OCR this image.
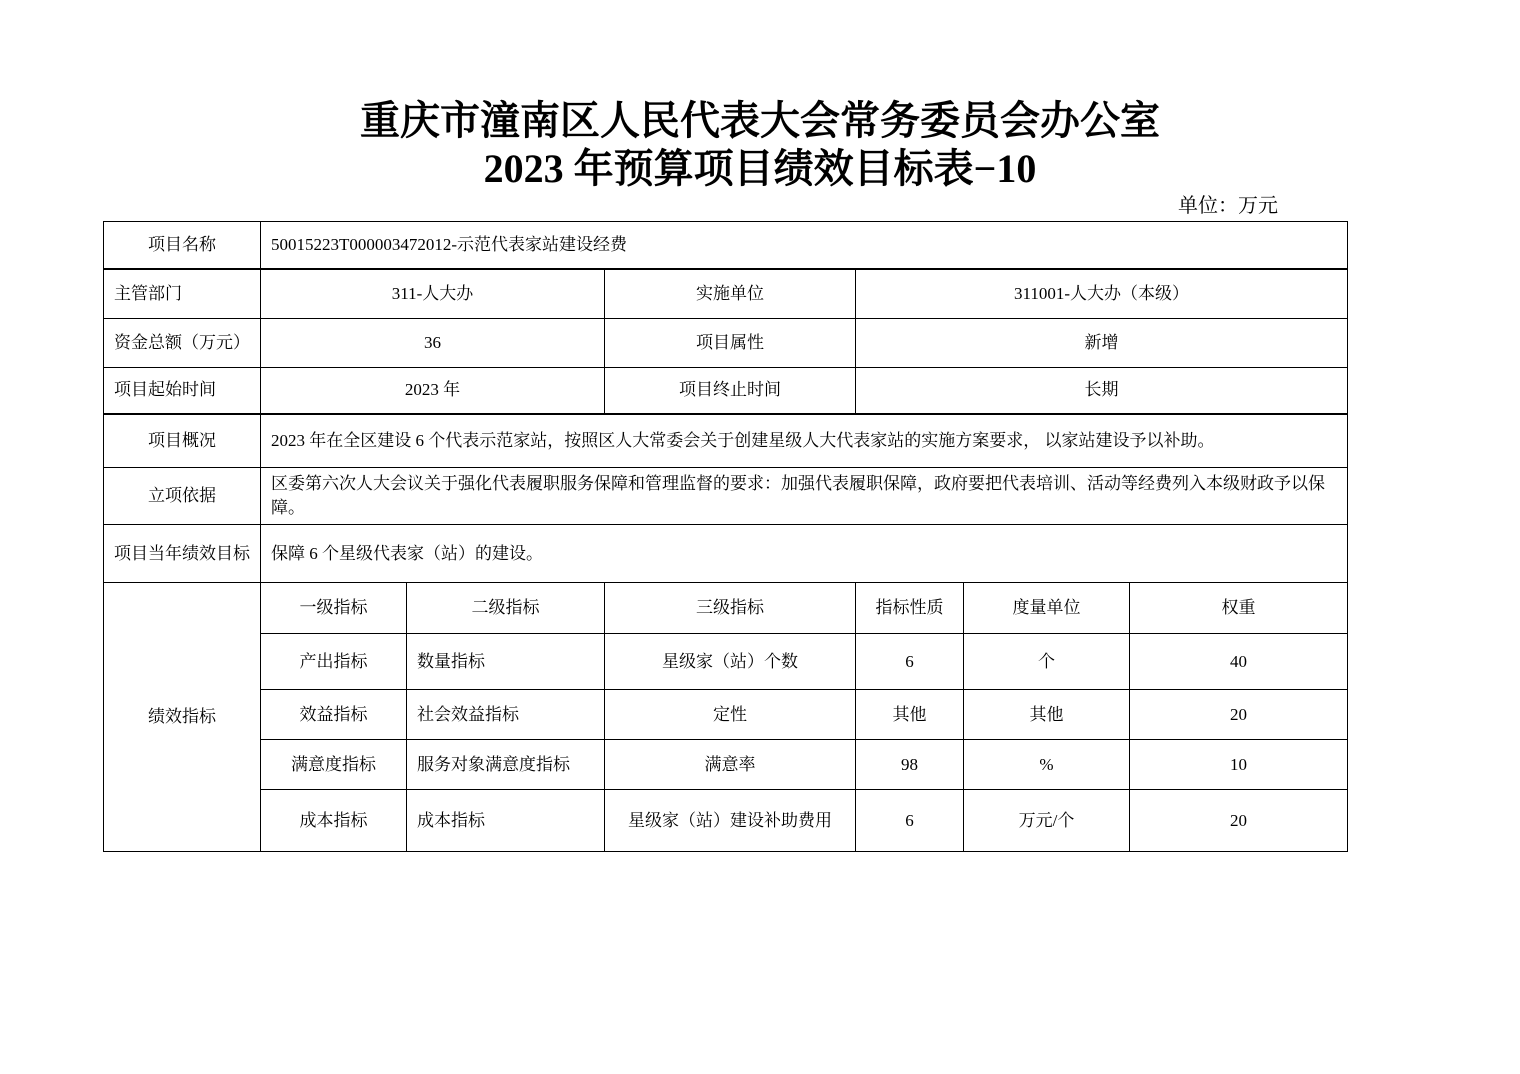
重庆市潼南区人民代表大会常务委员会办公室
2023 年预算项目绩效目标表−10
单位：万元
项目名称	50015223T000003472012-示范代表家站建设经费					
主管部门	311-人大办		实施单位	311001-人大办（本级）		
资金总额（万元）	36		项目属性	新增		
项目起始时间	2023 年		项目终止时间	长期		
项目概况	2023 年在全区建设 6 个代表示范家站，按照区人大常委会关于创建星级人大代表家站的实施方案要求， 以家站建设予以补助。					
立项依据	区委第六次人大会议关于强化代表履职服务保障和管理监督的要求：加强代表履职保障，政府要把代表培训、活动等经费列入本级财政予以保障。					
项目当年绩效目标	保障 6 个星级代表家（站）的建设。					
绩效指标	一级指标	二级指标	三级指标	指标性质	度量单位	权重
	产出指标	数量指标	星级家（站）个数	6	个	40
	效益指标	社会效益指标	定性	其他	其他	20
	满意度指标	服务对象满意度指标	满意率	98	%	10
	成本指标	成本指标	星级家（站）建设补助费用	6	万元/个	20
